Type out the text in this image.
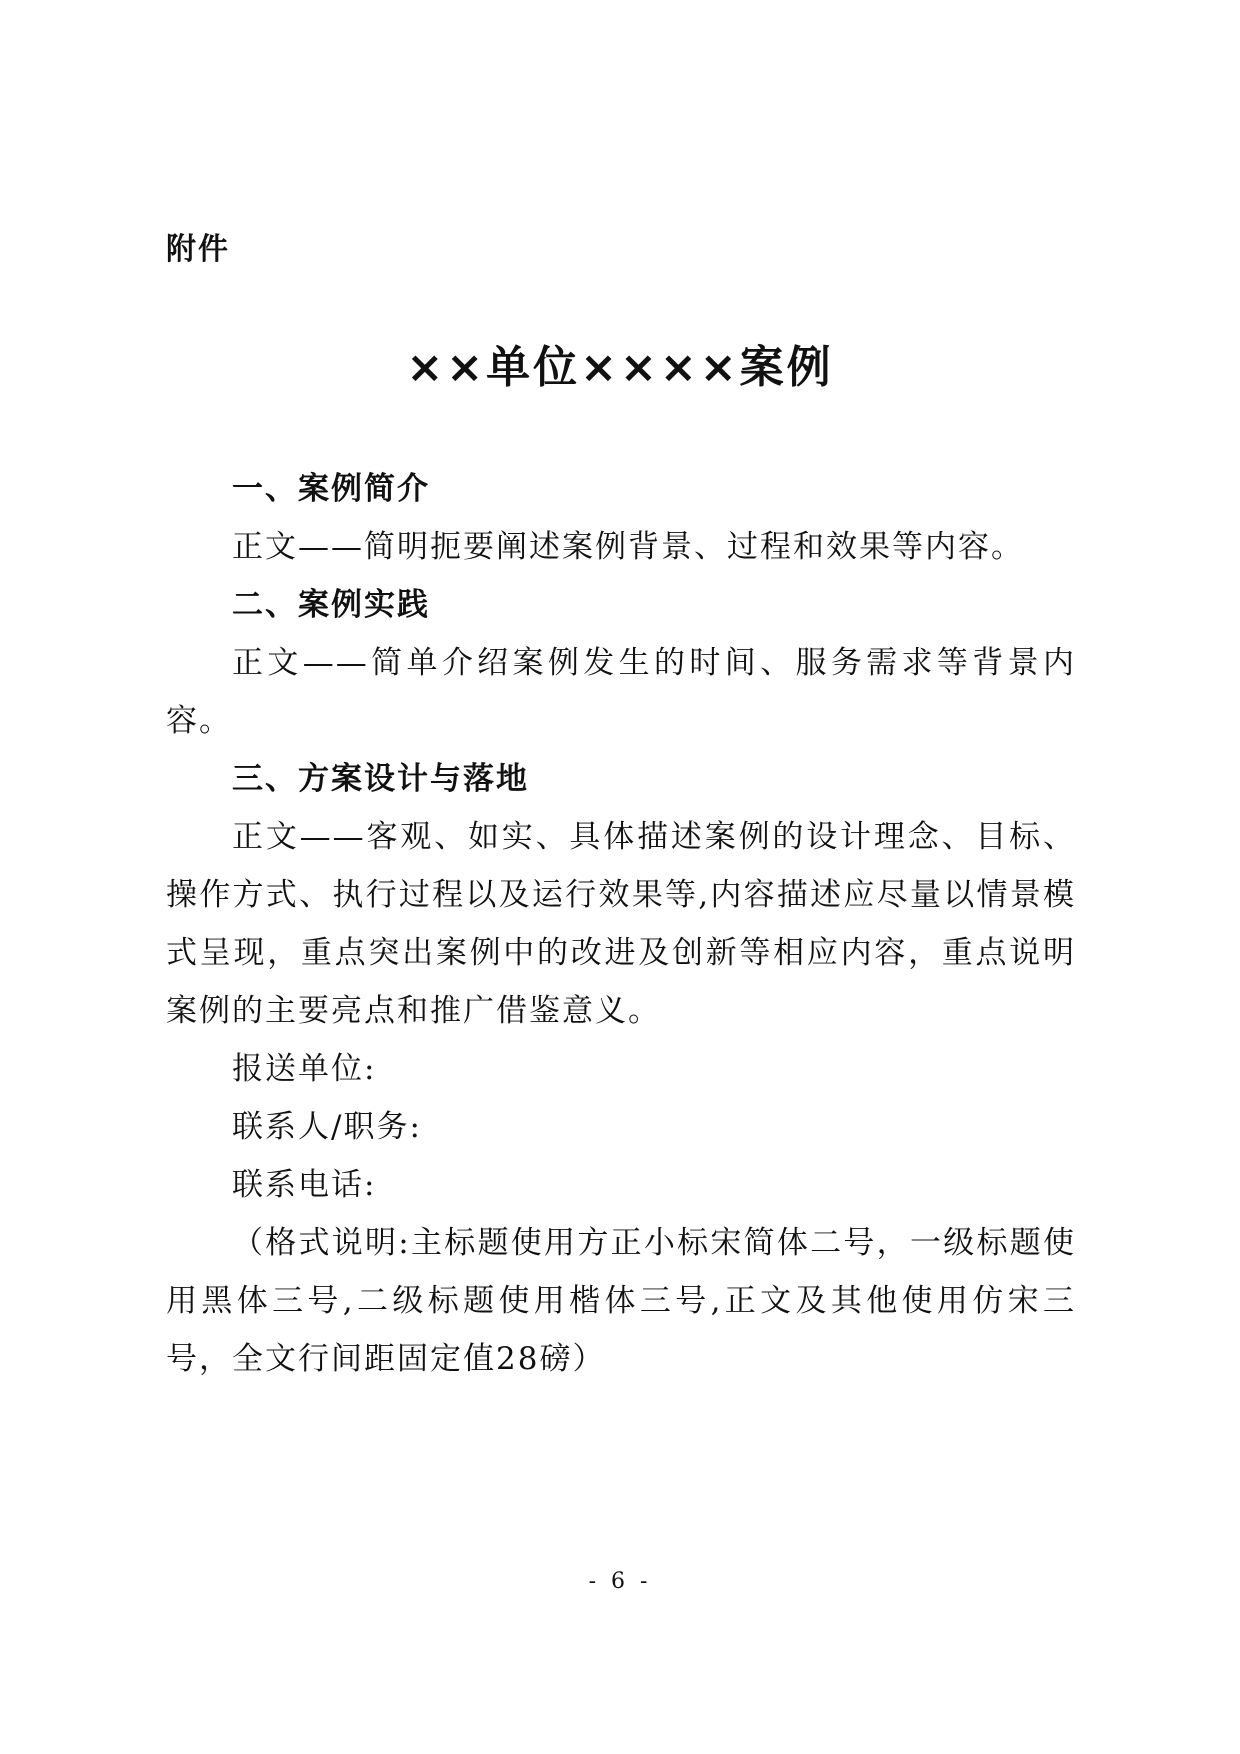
附件
××单位××××案例

一、案例简介

正文——简明扼要阐述案例背景、过程和效果等内容。

二、案例实践

正文——简单介绍案例发生的时间、服务需求等背景内容。

三、方案设计与落地

正文——客观、如实、具体描述案例的设计理念、目标、操作方式、执行过程以及运行效果等,内容描述应尽量以情景模式呈现，重点突出案例中的改进及创新等相应内容，重点说明案例的主要亮点和推广借鉴意义。

报送单位:

联系人/职务:

联系电话:

（格式说明:主标题使用方正小标宋简体二号，一级标题使用黑体三号,二级标题使用楷体三号,正文及其他使用仿宋三号，全文行间距固定值28磅）

- 6 -
